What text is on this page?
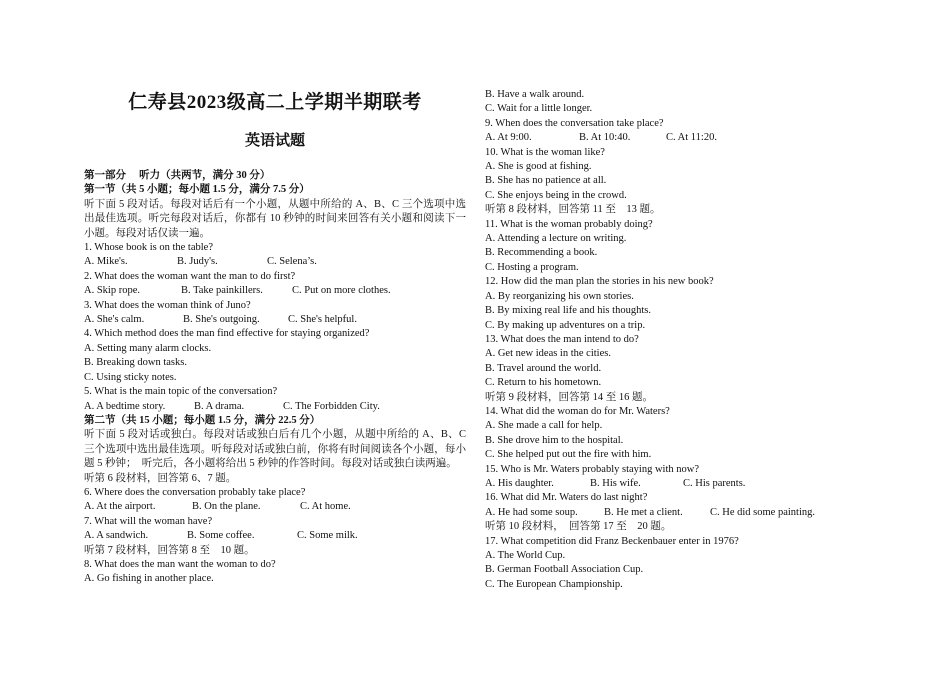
仁寿县2023级高二上学期半期联考
英语试题
第一部分　 听力（共两节，满分 30 分）
第一节（共 5 小题；每小题 1.5 分，满分 7.5 分）
听下面 5 段对话。每段对话后有一个小题，从题中所给的 A、B、C 三个选项中选出最佳选项。听完每段对话后，你都有 10 秒钟的时间来回答有关小题和阅读下一小题。每段对话仅读一遍。
1. Whose book is on the table?
A. Mike's.	B. Judy's.	C. Selena’s.
2. What does the woman want the man to do first?
A. Skip rope.	B. Take painkillers.	C. Put on more clothes.
3. What does the woman think of Juno?
A. She's calm.	B. She's outgoing.	C. She's helpful.
4. Which method does the man find effective for staying organized?
A. Setting many alarm clocks.
B. Breaking down tasks.
C. Using sticky notes.
5. What is the main topic of the conversation?
A. A bedtime story.	B. A drama.	C. The Forbidden City.
第二节（共 15 小题；每小题 1.5 分，满分 22.5 分）
听下面 5 段对话或独白。每段对话或独白后有几个小题，从题中所给的 A、B、C 三个选项中选出最佳选项。听每段对话或独白前，你将有时间阅读各个小题，每小题 5 秒钟；　听完后，各小题将给出 5 秒钟的作答时间。每段对话或独白读两遍。
听第 6 段材料，回答第 6、7 题。
6. Where does the conversation probably take place?
A. At the airport.	B. On the plane.	C. At home.
7. What will the woman have?
A. A sandwich.	B. Some coffee.	C. Some milk.
听第 7 段材料，回答第 8 至　10 题。
8. What does the man want the woman to do?
A. Go fishing in another place.
B. Have a walk around.
C. Wait for a little longer.
9. When does the conversation take place?
A. At 9:00.	B. At 10:40.	C. At 11:20.
10. What is the woman like?
A. She is good at fishing.
B. She has no patience at all.
C. She enjoys being in the crowd.
听第 8 段材料，回答第 11 至　13 题。
11. What is the woman probably doing?
A. Attending a lecture on writing.
B. Recommending a book.
C. Hosting a program.
12. How did the man plan the stories in his new book?
A. By reorganizing his own stories.
B. By mixing real life and his thoughts.
C. By making up adventures on a trip.
13. What does the man intend to do?
A. Get new ideas in the cities.
B. Travel around the world.
C. Return to his hometown.
听第 9 段材料，回答第 14 至 16 题。
14. What did the woman do for Mr. Waters?
A. She made a call for help.
B. She drove him to the hospital.
C. She helped put out the fire with him.
15. Who is Mr. Waters probably staying with now?
A. His daughter.	B. His wife.	C. His parents.
16. What did Mr. Waters do last night?
A. He had some soup.	B. He met a client.	C. He did some painting.
听第 10 段材料，　回答第 17 至　20 题。
17. What competition did Franz Beckenbauer enter in 1976?
A. The World Cup.
B. German Football Association Cup.
C. The European Championship.
